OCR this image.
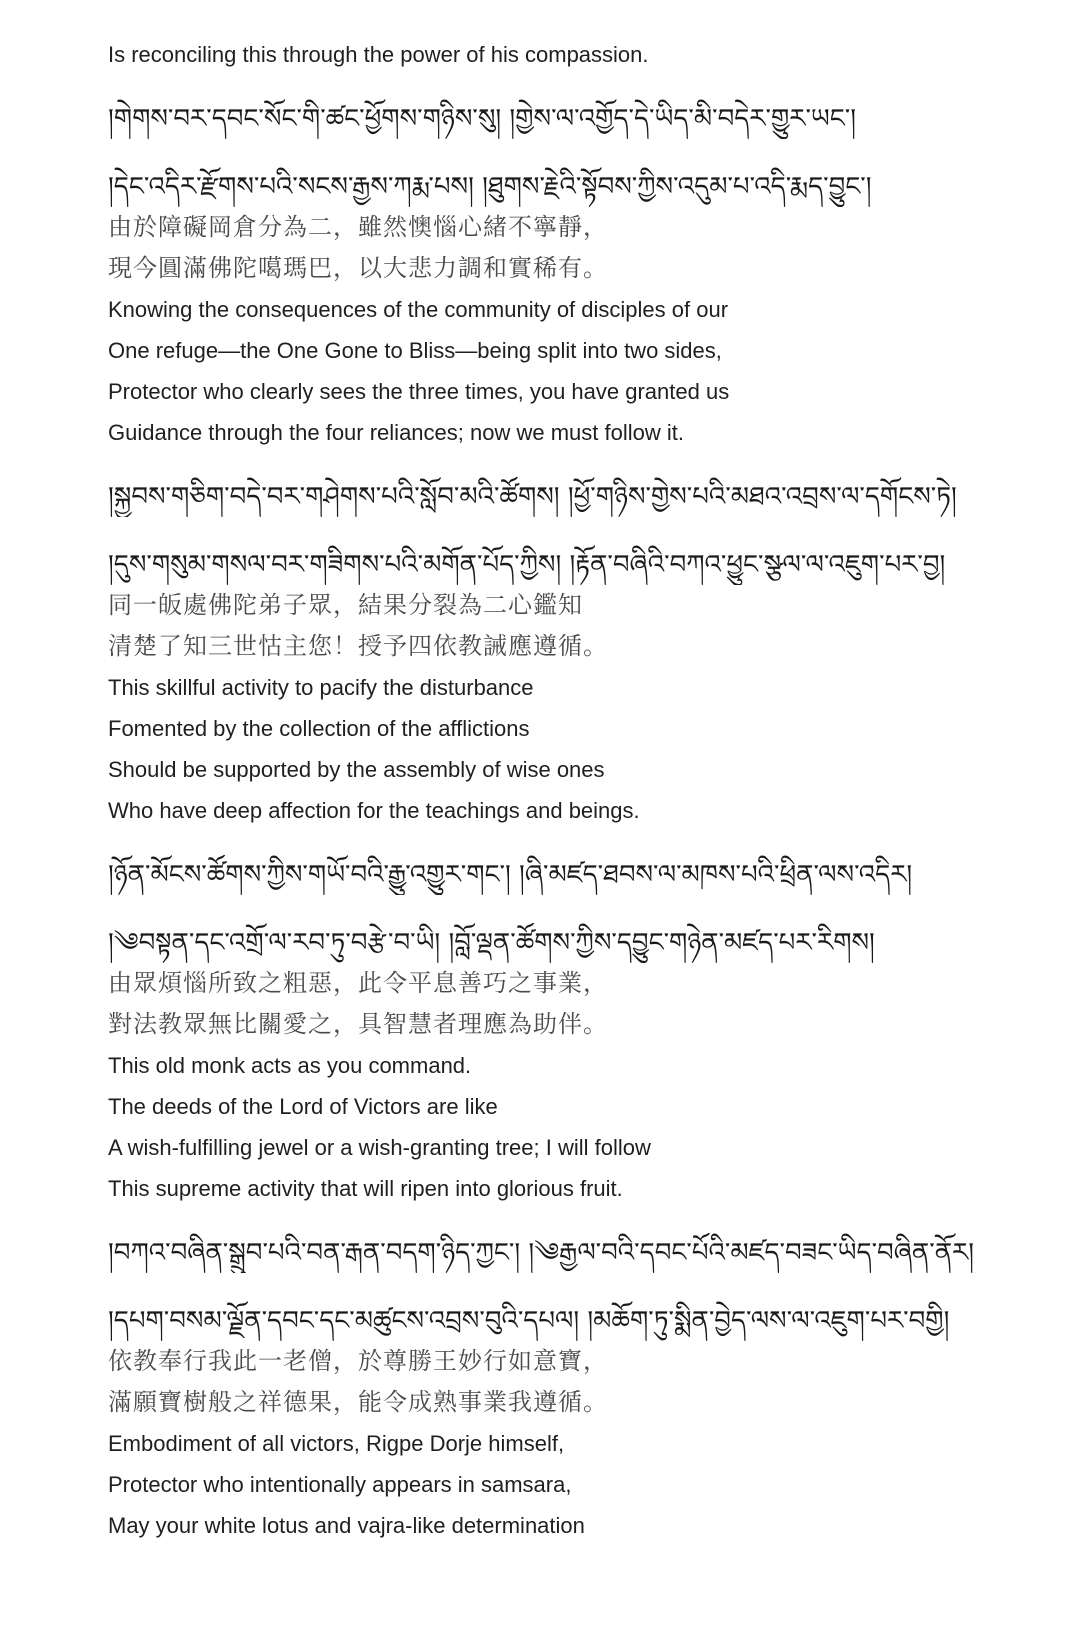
Is reconciling this through the power of his compassion.
།གེགས་བར་དབང་སོང་གི་ཚང་ཕྱོགས་གཉིས་སུ། །གྱེས་ལ་འགྱོད་དེ་ཡིད་མི་བདེར་གྱུར་ཡང་།
།དེང་འདིར་རྫོགས་པའི་སངས་རྒྱས་ཀརྨ་པས། །ཐུགས་རྗེའི་སྟོབས་ཀྱིས་འདུམ་པ་འདི་རྨད་བྱུང་།
由於障礙岡倉分為二，雖然懊惱心緒不寧靜，
現今圓滿佛陀噶瑪巴，以大悲力調和實稀有。
Knowing the consequences of the community of disciples of our
One refuge—the One Gone to Bliss—being split into two sides,
Protector who clearly sees the three times, you have granted us
Guidance through the four reliances; now we must follow it.
།སྐྱབས་གཅིག་བདེ་བར་གཤེགས་པའི་སློབ་མའི་ཚོགས། །ཕྱོ་གཉིས་གྱེས་པའི་མཐའ་འབྲས་ལ་དགོངས་ཏེ།
།དུས་གསུམ་གསལ་བར་གཟིགས་པའི་མགོན་པོད་ཀྱིས། །རྟོན་བཞིའི་བཀའ་ཕྱུང་སྩལ་ལ་འཇུག་པར་བྱ།
同一皈處佛陀弟子眾，結果分裂為二心鑑知
清楚了知三世怙主您！授予四依教誡應遵循。
This skillful activity to pacify the disturbance
Fomented by the collection of the afflictions
Should be supported by the assembly of wise ones
Who have deep affection for the teachings and beings.
།ཉོན་མོངས་ཚོགས་ཀྱིས་གཡོ་བའི་རྒྱུ་འགྱུར་གང་། །ཞི་མཛད་ཐབས་ལ་མཁས་པའི་ཕྲིན་ལས་འདིར།
།༄བསྟན་དང་འགྲོ་ལ་རབ་ཏུ་བརྩེ་བ་ཡི། །བློ་ལྡན་ཚོགས་ཀྱིས་དབྱུང་གཉེན་མཛད་པར་རིགས།
由眾煩惱所致之粗惡，此令平息善巧之事業，
對法教眾無比關愛之，具智慧者理應為助伴。
This old monk acts as you command.
The deeds of the Lord of Victors are like
A wish-fulfilling jewel or a wish-granting tree; I will follow
This supreme activity that will ripen into glorious fruit.
།བཀའ་བཞིན་སྒྲུབ་པའི་བན་རྒན་བདག་ཉིད་ཀྱང་། །༄རྒྱལ་བའི་དབང་པོའི་མཛད་བཟང་ཡིད་བཞིན་ནོར།
།དཔག་བསམ་ལྗོན་དབང་དང་མཚུངས་འབྲས་བུའི་དཔལ། །མཆོག་ཏུ་སྨིན་བྱེད་ལས་ལ་འཇུག་པར་བགྱི།
依教奉行我此一老僧，於尊勝王妙行如意寶，
滿願寶樹般之祥德果，能令成熟事業我遵循。
Embodiment of all victors, Rigpe Dorje himself,
Protector who intentionally appears in samsara,
May your white lotus and vajra-like determination
